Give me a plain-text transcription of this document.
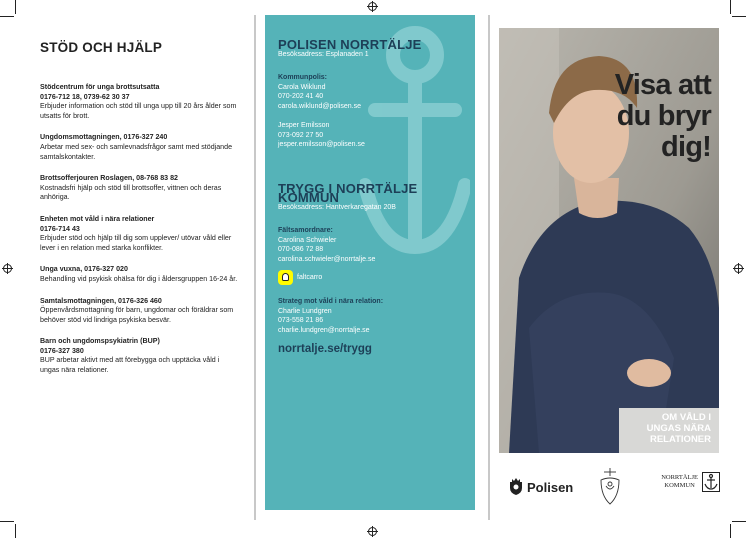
STÖD OCH HJÄLP
Stödcentrum för unga brottsutsatta
0176-712 18, 0739-62 30 37
Erbjuder information och stöd till unga upp till 20 års ålder som utsatts för brott.
Ungdomsmottagningen, 0176-327 240
Arbetar med sex- och samlevnadsfrågor samt med stödjande samtalskontakter.
Brottsofferjouren Roslagen, 08-768 83 82
Kostnadsfri hjälp och stöd till brottsoffer, vittnen och deras anhöriga.
Enheten mot våld i nära relationer
0176-714 43
Erbjuder stöd och hjälp till dig som upplever/ utövar våld eller lever i en relation med starka konflikter.
Unga vuxna, 0176-327 020
Behandling vid psykisk ohälsa för dig i åldersgruppen 16-24 år.
Samtalsmottagningen, 0176-326 460
Öppenvårdsmottagning för barn, ungdomar och föräldrar som behöver stöd vid lindriga psykiska besvär.
Barn och ungdomspsykiatrin (BUP)
0176-327 380
BUP arbetar aktivt med att förebygga och upptäcka våld i ungas nära relationer.
POLISEN NORRTÄLJE
Besöksadress: Esplanaden 1
Kommunpolis:
Carola Wiklund
070-202 41 40
carola.wiklund@polisen.se
Jesper Emilsson
073-092 27 50
jesper.emilsson@polisen.se
TRYGG I NORRTÄLJE KOMMUN
Besöksadress: Hantverkaregatan 20B
Fältsamordnare:
Carolina Schwieler
070-086 72 88
carolina.schwieler@norrtalje.se
faltcarro
Strateg mot våld i nära relation:
Charlie Lundgren
073-558 21 86
charlie.lundgren@norrtalje.se
norrtalje.se/trygg
Visa att
du bryr
dig!
OM VÅLD I
UNGAS NÄRA
RELATIONER
Polisen
NORRTÄLJE
KOMMUN
